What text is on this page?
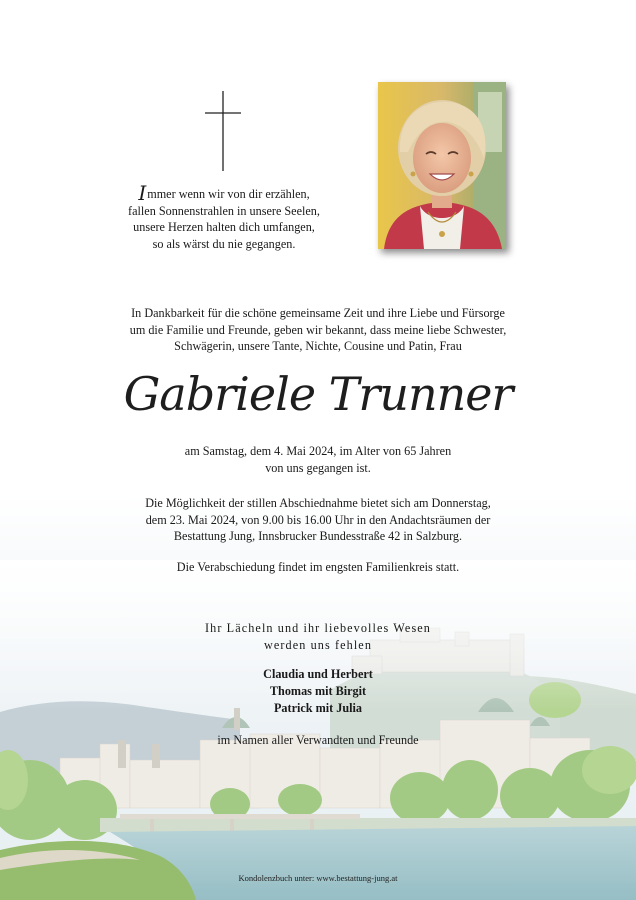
Immer wenn wir von dir erzählen,
fallen Sonnenstrahlen in unsere Seelen,
unsere Herzen halten dich umfangen,
so als wärst du nie gegangen.
In Dankbarkeit für die schöne gemeinsame Zeit und ihre Liebe und Fürsorge
um die Familie und Freunde, geben wir bekannt, dass meine liebe Schwester,
Schwägerin, unsere Tante, Nichte, Cousine und Patin, Frau
Gabriele Trunner
am Samstag, dem 4. Mai 2024, im Alter von 65 Jahren
von uns gegangen ist.
Die Möglichkeit der stillen Abschiednahme bietet sich am Donnerstag,
dem 23. Mai 2024, von 9.00 bis 16.00 Uhr in den Andachtsräumen der
Bestattung Jung, Innsbrucker Bundesstraße 42 in Salzburg.
Die Verabschiedung findet im engsten Familienkreis statt.
Ihr Lächeln und ihr liebevolles Wesen
werden uns fehlen
Claudia und Herbert
Thomas mit Birgit
Patrick mit Julia
im Namen aller Verwandten und Freunde
Kondolenzbuch unter: www.bestattung-jung.at
